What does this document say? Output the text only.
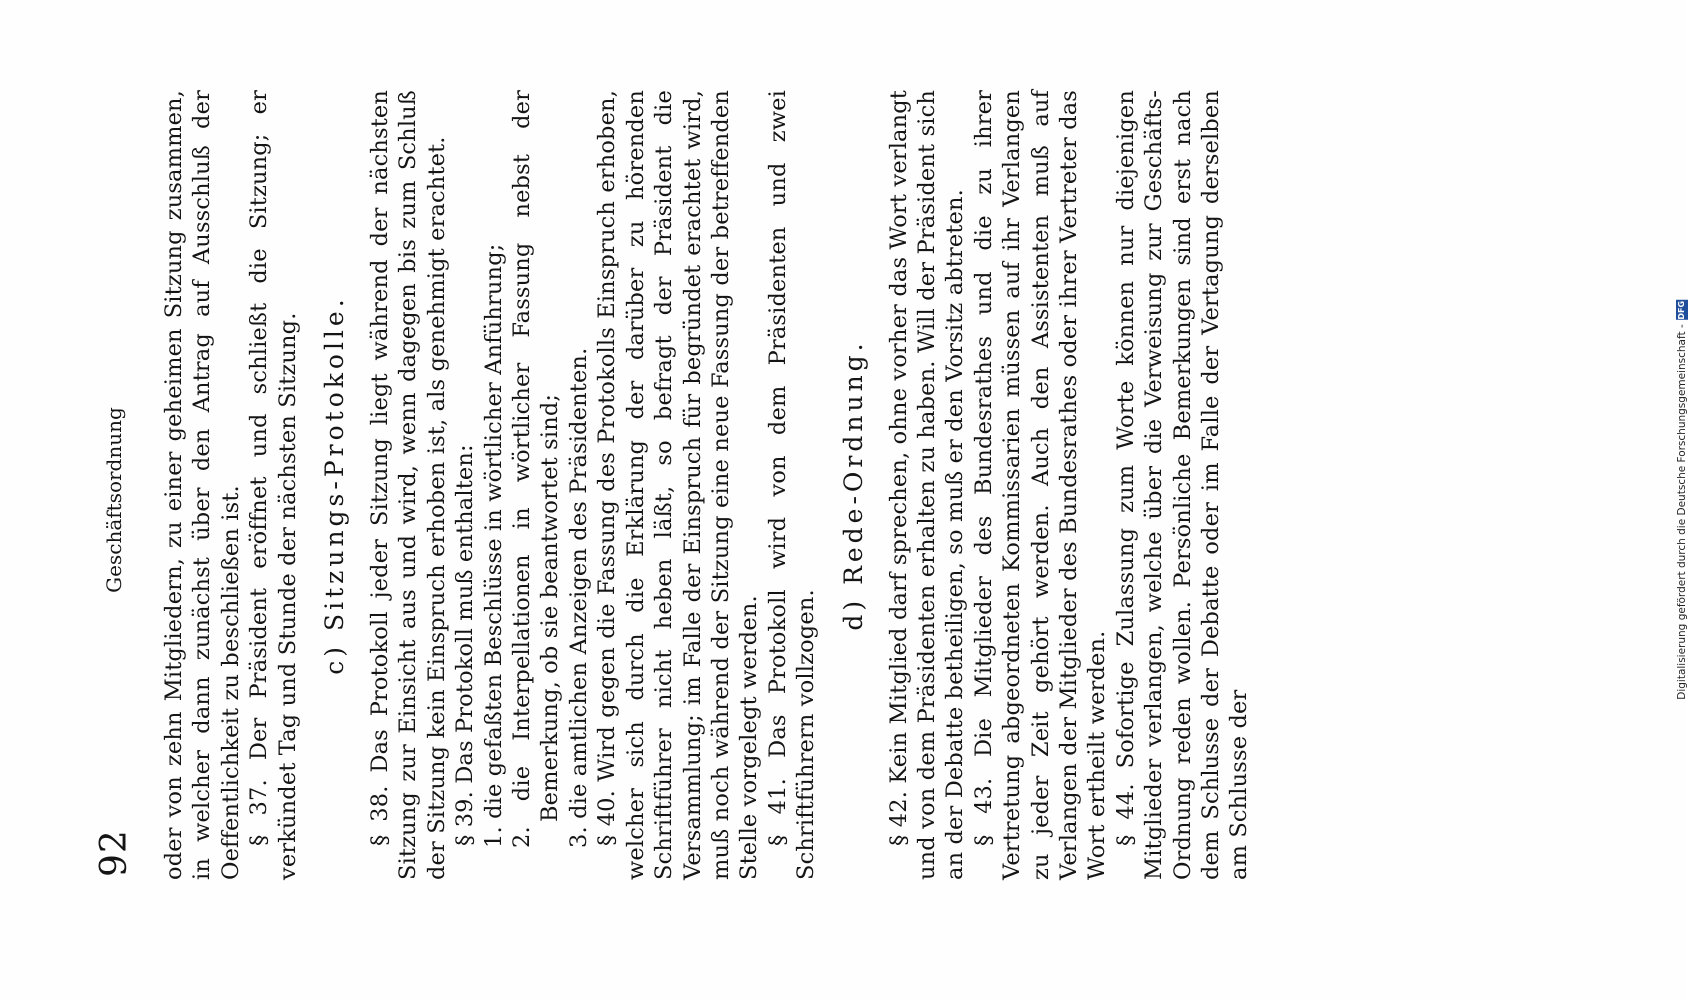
92
Geschäftsordnung oder von zehn Mitgliedern, zu einer geheimen Sitzung zusammen, in welcher dann zunächst über den Antrag auf Ausschluß der Oeffentlichkeit zu beschließen ist. § 37. Der Präsident eröffnet und schließt die Sitzung; er verkündet Tag und Stunde der nächsten Sitzung. c) Sitzungs-Protokolle. § 38. Das Protokoll jeder Sitzung liegt während der nächsten Sitzung zur Einsicht aus und wird, wenn dagegen bis zum Schluß der Sitzung kein Einspruch erhoben ist, als genehmigt erachtet. § 39. Das Protokoll muß enthalten: 1. die gefaßten Beschlüsse in wörtlicher Anführung; 2. die Interpellationen in wörtlicher Fassung nebst der Bemerkung, ob sie beantwortet sind; 3. die amtlichen Anzeigen des Präsidenten. § 40. Wird gegen die Fassung des Protokolls Einspruch erhoben, welcher sich durch die Erklärung der darüber zu hörenden Schriftführer nicht heben läßt, so befragt der Präsident die Versammlung; im Falle der Einspruch für begründet erachtet wird, muß noch während der Sitzung eine neue Fassung der betreffenden Stelle vorgelegt werden. § 41. Das Protokoll wird von dem Präsidenten und zwei Schriftführern vollzogen.

d) Rede-Ordnung. § 42. Kein Mitglied darf sprechen, ohne vorher das Wort verlangt und von dem Präsidenten erhalten zu haben. Will der Präsident sich an der Debatte betheiligen, so muß er den Vorsitz abtreten. § 43. Die Mitglieder des Bundesrathes und die zu ihrer Vertretung abgeordneten Kommissarien müssen auf ihr Verlangen zu jeder Zeit gehört werden. Auch den Assistenten muß auf Verlangen der Mitglieder des Bundesrathes oder ihrer Vertreter das Wort ertheilt werden. § 44. Sofortige Zulassung zum Worte können nur diejenigen Mitglieder verlangen, welche über die Verweisung zur Geschäfts-Ordnung reden wollen. Persönliche Bemerkungen sind erst nach dem Schlusse der Debatte oder im Falle der Vertagung derselben am Schlusse der

Digitalisierung gefördert durch die Deutsche Forschungsgemeinschaft -
DFG
